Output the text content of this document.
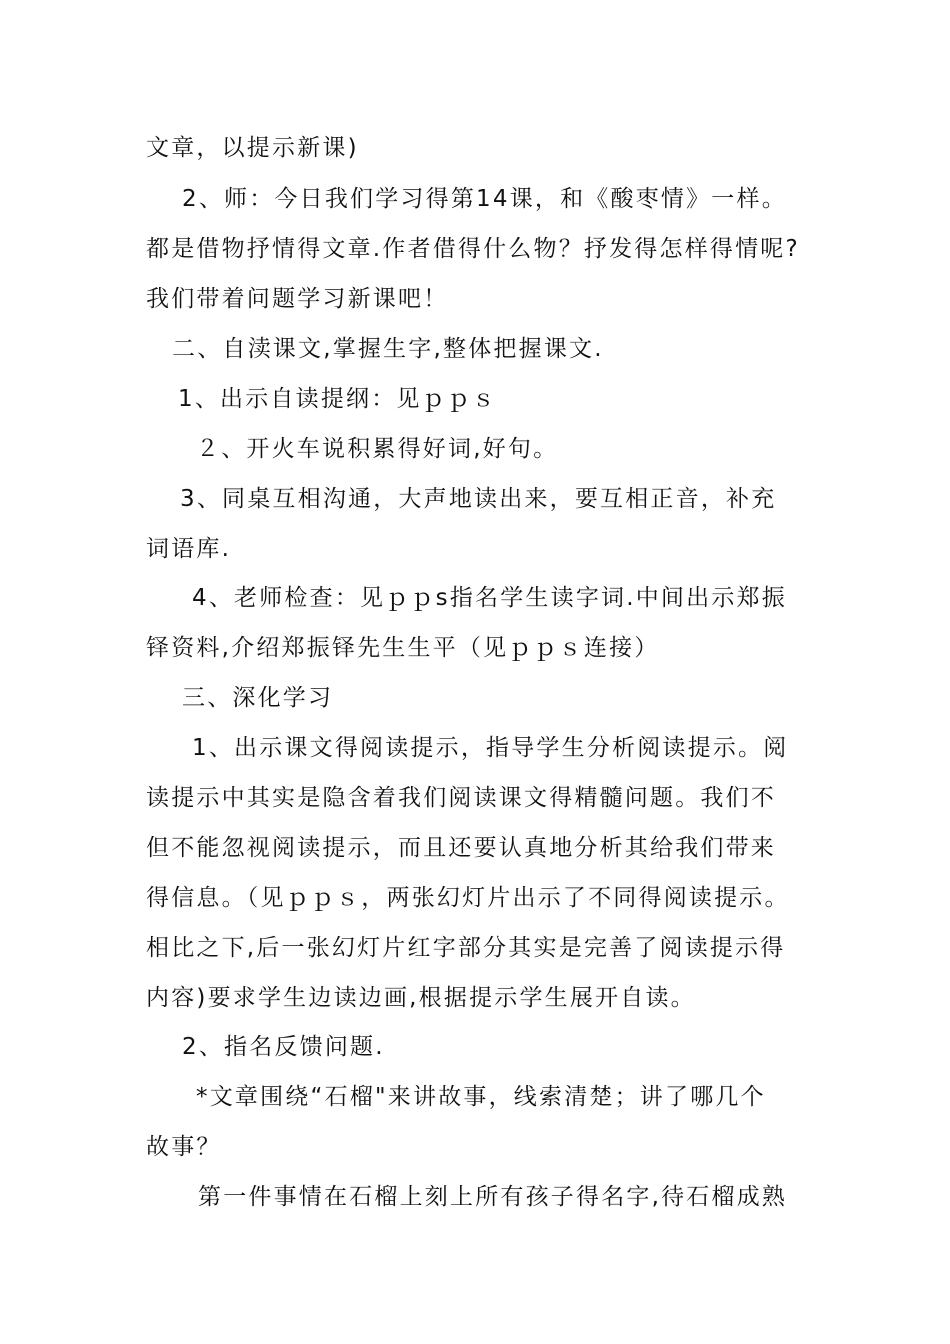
文章，以提示新课)
2、师：今日我们学习得第14课，和《酸枣情》一样。
都是借物抒情得文章.作者借得什么物？抒发得怎样得情呢?
我们带着问题学习新课吧！
二、自渎课文,掌握生字,整体把握课文.
1、出示自读提纲：见ｐｐｓ
２、开火车说积累得好词,好句。
3、同桌互相沟通，大声地读出来，要互相正音，补充
词语库.
4、老师检查：见ｐｐs指名学生读字词.中间出示郑振
铎资料,介绍郑振铎先生生平（见ｐｐｓ连接）
三、深化学习
1、出示课文得阅读提示，指导学生分析阅读提示。阅
读提示中其实是隐含着我们阅读课文得精髓问题。我们不
但不能忽视阅读提示，而且还要认真地分析其给我们带来
得信息。（见ｐｐｓ，两张幻灯片出示了不同得阅读提示。
相比之下,后一张幻灯片红字部分其实是完善了阅读提示得
内容)要求学生边读边画,根据提示学生展开自读。
2、指名反馈问题.
*文章围绕“石榴"来讲故事，线索清楚；讲了哪几个
故事？
第一件事情在石榴上刻上所有孩子得名字,待石榴成熟
